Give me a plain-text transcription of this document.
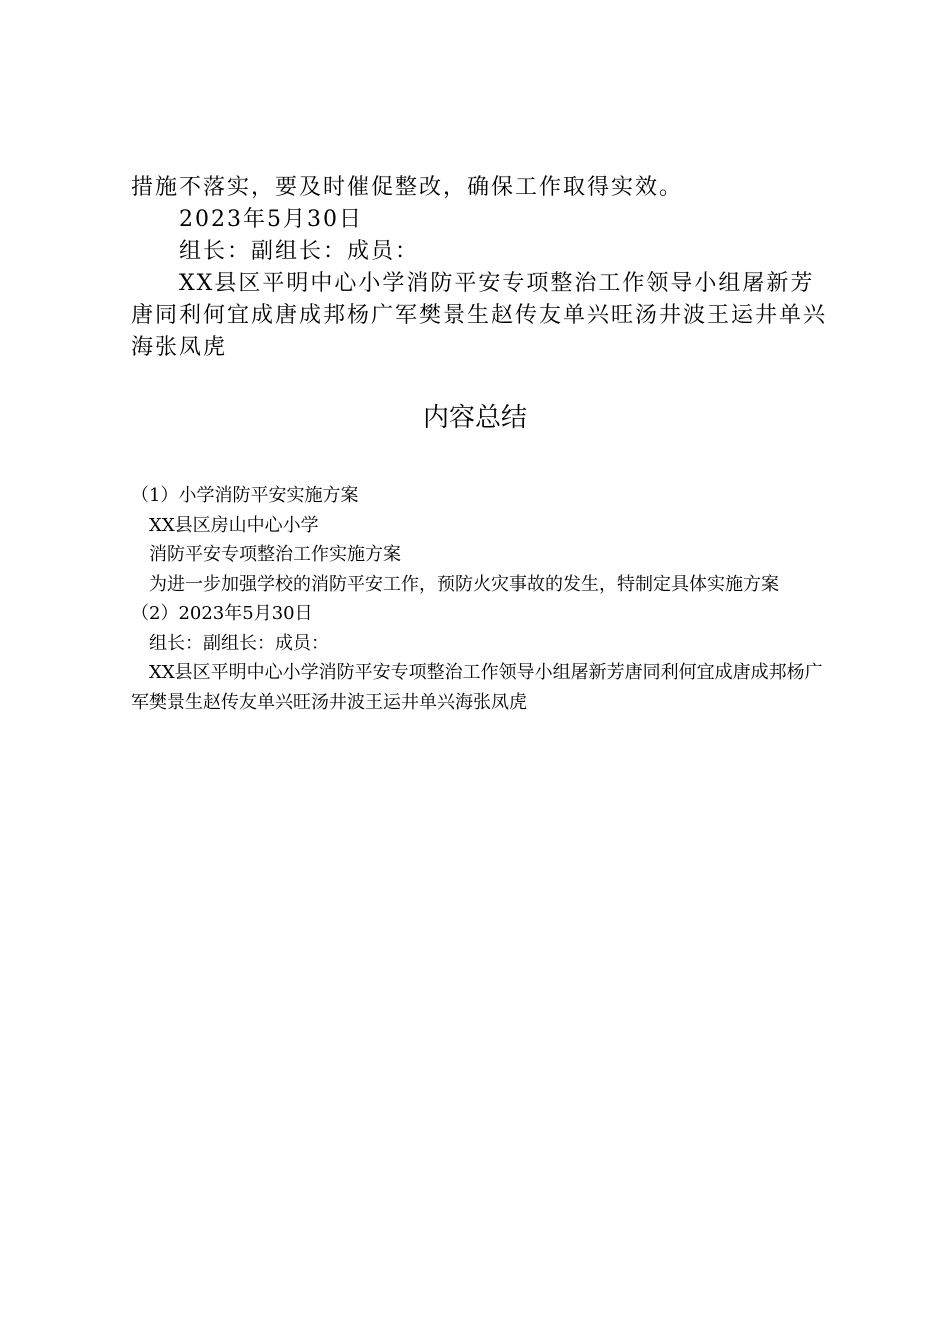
措施不落实，要及时催促整改，确保工作取得实效。

2023年5月30日

组长：副组长：成员：

XX县区平明中心小学消防平安专项整治工作领导小组屠新芳唐同利何宜成唐成邦杨广军樊景生赵传友单兴旺汤井波王运井单兴海张凤虎

内容总结

（1）小学消防平安实施方案

XX县区房山中心小学

消防平安专项整治工作实施方案

为进一步加强学校的消防平安工作，预防火灾事故的发生，特制定具体实施方案

（2）2023年5月30日

组长：副组长：成员：

XX县区平明中心小学消防平安专项整治工作领导小组屠新芳唐同利何宜成唐成邦杨广军樊景生赵传友单兴旺汤井波王运井单兴海张凤虎
